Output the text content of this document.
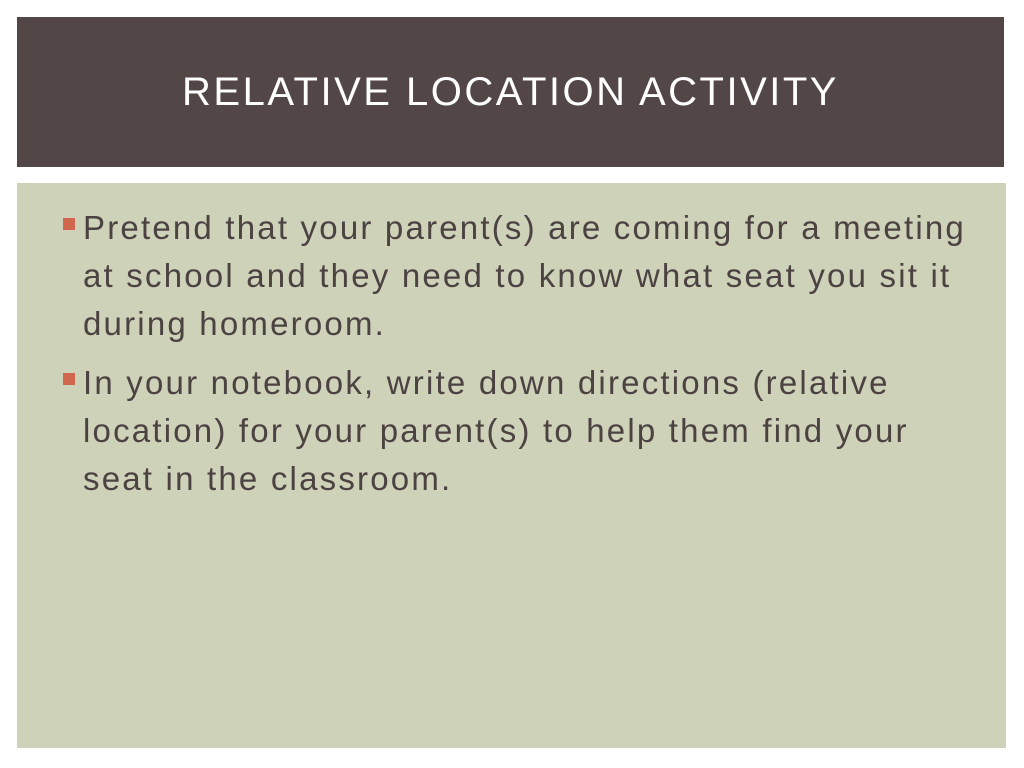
RELATIVE LOCATION ACTIVITY
Pretend that your parent(s) are coming for a meeting at school and they need to know what seat you sit it during homeroom.
In your notebook, write down directions (relative location) for your parent(s) to help them find your seat in the classroom.
